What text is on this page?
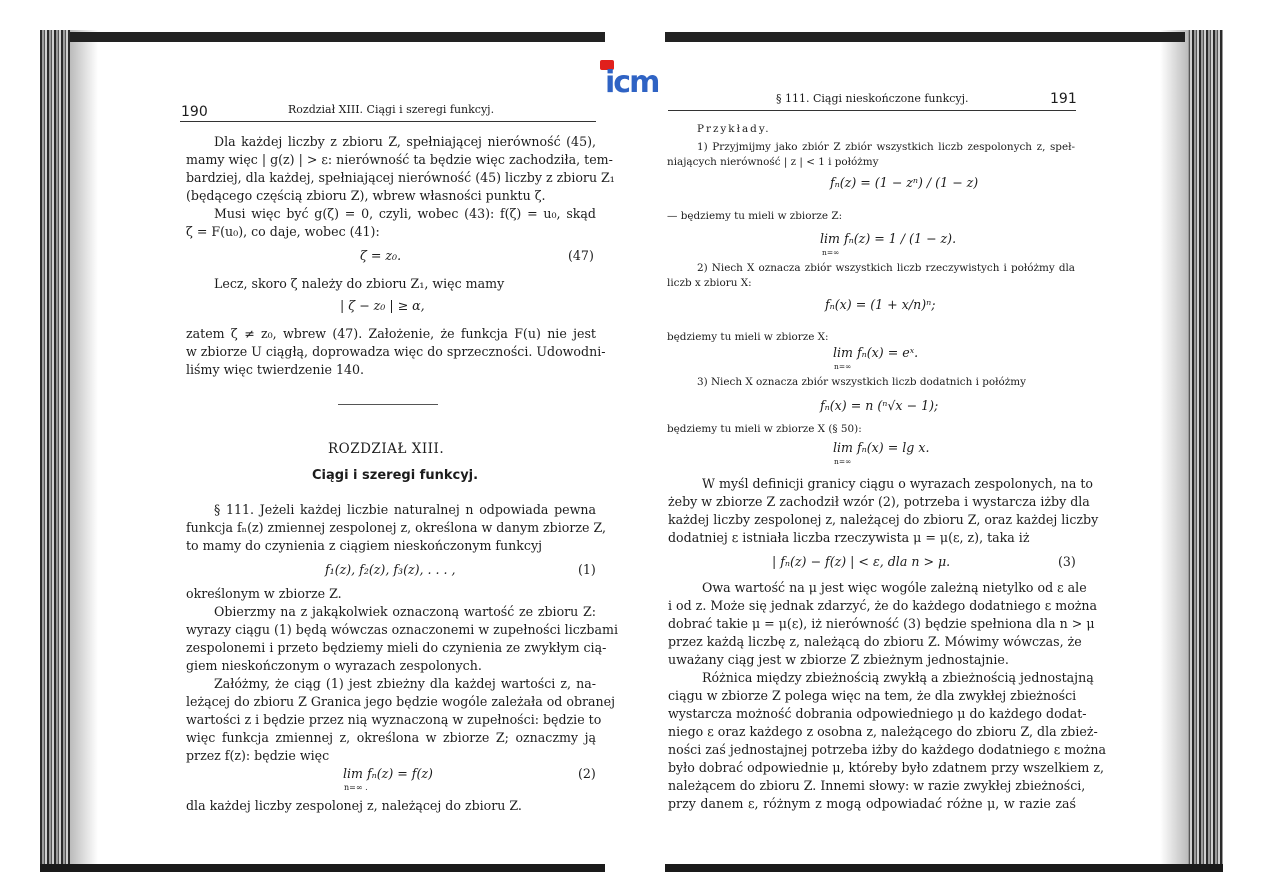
icm
190	Rozdział XIII. Ciągi i szeregi funkcyj.
Dla każdej liczby z zbioru Z, spełniającej nierówność (45),
mamy więc | g(z) | > ε: nierówność ta będzie więc zachodziła, tem-
bardziej, dla każdej, spełniającej nierówność (45) liczby z zbioru Z₁
(będącego częścią zbioru Z), wbrew własności punktu ζ.
Musi więc być g(ζ) = 0, czyli, wobec (43): f(ζ) = u₀, skąd
ζ = F(u₀), co daje, wobec (41):
ζ = z₀.	(47)
Lecz, skoro ζ należy do zbioru Z₁, więc mamy
| ζ − z₀ | ≥ α,
zatem ζ ≠ z₀, wbrew (47). Założenie, że funkcja F(u) nie jest
w zbiorze U ciągłą, doprowadza więc do sprzeczności. Udowodni-
liśmy więc twierdzenie 140.
ROZDZIAŁ XIII.
Ciągi i szeregi funkcyj.
§ 111. Jeżeli każdej liczbie naturalnej n odpowiada pewna
funkcja fₙ(z) zmiennej zespolonej z, określona w danym zbiorze Z,
to mamy do czynienia z ciągiem nieskończonym funkcyj
f₁(z), f₂(z), f₃(z), . . . ,	(1)
określonym w zbiorze Z.
Obierzmy na z jakąkolwiek oznaczoną wartość ze zbioru Z:
wyrazy ciągu (1) będą wówczas oznaczonemi w zupełności liczbami
zespolonemi i przeto będziemy mieli do czynienia ze zwykłym cią-
giem nieskończonym o wyrazach zespolonych.
Załóżmy, że ciąg (1) jest zbieżny dla każdej wartości z, na-
leżącej do zbioru Z Granica jego będzie wogóle zależała od obranej
wartości z i będzie przez nią wyznaczoną w zupełności: będzie to
więc funkcja zmiennej z, określona w zbiorze Z; oznaczmy ją
przez f(z): będzie więc
lim fₙ(z) = f(z)
n=∞ .
(2)
dla każdej liczby zespolonej z, należącej do zbioru Z.
§ 111. Ciągi nieskończone funkcyj.	191
Przykłady.
1) Przyjmijmy jako zbiór Z zbiór wszystkich liczb zespolonych z, speł-
niających nierówność | z | < 1 i połóżmy
fₙ(z) = (1 − zⁿ) / (1 − z)
— będziemy tu mieli w zbiorze Z:
lim fₙ(z) = 1 / (1 − z).
n=∞
2) Niech X oznacza zbiór wszystkich liczb rzeczywistych i połóżmy dla
liczb x zbioru X:
fₙ(x) = (1 + x/n)ⁿ;
będziemy tu mieli w zbiorze X:
lim fₙ(x) = eˣ.
n=∞
3) Niech X oznacza zbiór wszystkich liczb dodatnich i połóżmy
fₙ(x) = n (ⁿ√x − 1);
będziemy tu mieli w zbiorze X (§ 50):
lim fₙ(x) = lg x.
n=∞
W myśl definicji granicy ciągu o wyrazach zespolonych, na to
żeby w zbiorze Z zachodził wzór (2), potrzeba i wystarcza iżby dla
każdej liczby zespolonej z, należącej do zbioru Z, oraz każdej liczby
dodatniej ε istniała liczba rzeczywista μ = μ(ε, z), taka iż
| fₙ(z) − f(z) | < ε, dla n > μ.	(3)
Owa wartość na μ jest więc wogóle zależną nietylko od ε ale
i od z. Może się jednak zdarzyć, że do każdego dodatniego ε można
dobrać takie μ = μ(ε), iż nierówność (3) będzie spełniona dla n > μ
przez każdą liczbę z, należącą do zbioru Z. Mówimy wówczas, że
uważany ciąg jest w zbiorze Z zbieżnym jednostajnie.
Różnica między zbieżnością zwykłą a zbieżnością jednostajną
ciągu w zbiorze Z polega więc na tem, że dla zwykłej zbieżności
wystarcza możność dobrania odpowiedniego μ do każdego dodat-
niego ε oraz każdego z osobna z, należącego do zbioru Z, dla zbież-
ności zaś jednostajnej potrzeba iżby do każdego dodatniego ε można
było dobrać odpowiednie μ, któreby było zdatnem przy wszelkiem z,
należącem do zbioru Z. Innemi słowy: w razie zwykłej zbieżności,
przy danem ε, różnym z mogą odpowiadać różne μ, w razie zaś
